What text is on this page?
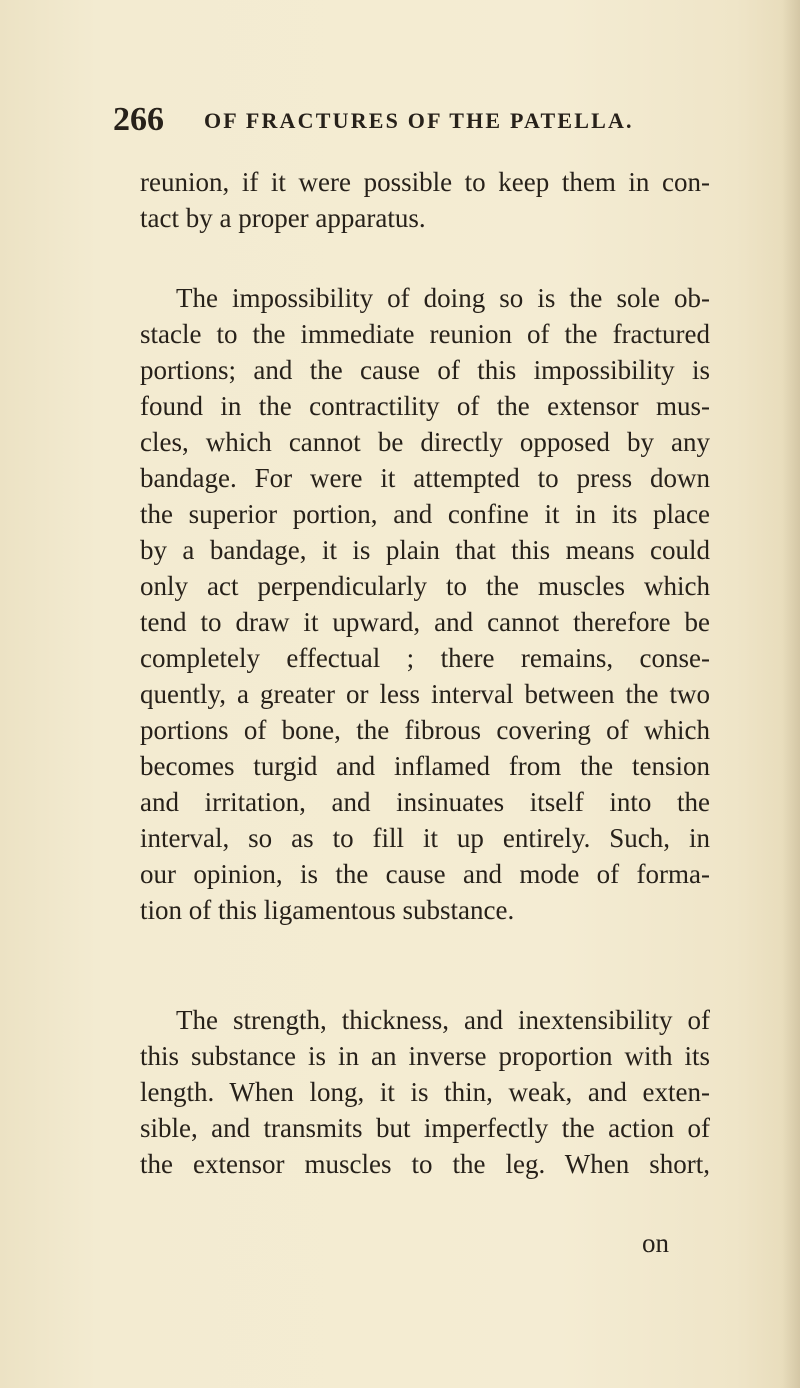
266 OF FRACTURES OF THE PATELLA.
reunion, if it were possible to keep them in con-
tact by a proper apparatus.
The impossibility of doing so is the sole ob-
stacle to the immediate reunion of the fractured
portions; and the cause of this impossibility is
found in the contractility of the extensor mus-
cles, which cannot be directly opposed by any
bandage. For were it attempted to press down
the superior portion, and confine it in its place
by a bandage, it is plain that this means could
only act perpendicularly to the muscles which
tend to draw it upward, and cannot therefore be
completely effectual ; there remains, conse-
quently, a greater or less interval between the two
portions of bone, the fibrous covering of which
becomes turgid and inflamed from the tension
and irritation, and insinuates itself into the
interval, so as to fill it up entirely. Such, in
our opinion, is the cause and mode of forma-
tion of this ligamentous substance.
The strength, thickness, and inextensibility of
this substance is in an inverse proportion with its
length. When long, it is thin, weak, and exten-
sible, and transmits but imperfectly the action of
the extensor muscles to the leg. When short,
on
